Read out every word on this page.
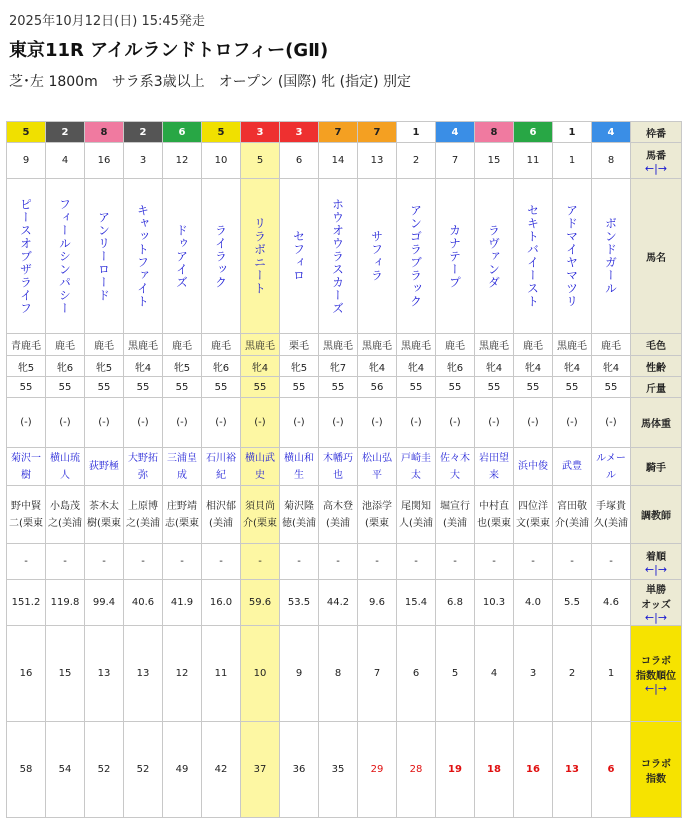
2025年10月12日(日) 15:45発走
東京11R アイルランドトロフィー(GⅡ)
芝･左 1800m　サラ系3歳以上　オープン (国際) 牝 (指定) 別定
5	2	8	2	6	5	3	3	7	7	1	4	8	6	1	4	枠番

9	4	16	3	12	10	5	6	14	13	2	7	15	11	1	8	馬番
←|→

ピースオブザライフ	フィールシンパシー	アンリーロード	キャットファイト	ドゥアイズ	ライラック	リラボニート	セフィロ	ホウオウラスカーズ	サフィラ	アンゴラブラック	カナテープ	ラヴァンダ	セキトバイースト	アドマイヤマツリ	ボンドガール	馬名

青鹿毛	鹿毛	鹿毛	黒鹿毛	鹿毛	鹿毛	黒鹿毛	栗毛	黒鹿毛	黒鹿毛	黒鹿毛	鹿毛	黒鹿毛	鹿毛	黒鹿毛	鹿毛	毛色

牝5	牝6	牝5	牝4	牝5	牝6	牝4	牝5	牝7	牝4	牝4	牝6	牝4	牝4	牝4	牝4	性齢

55	55	55	55	55	55	55	55	55	56	55	55	55	55	55	55	斤量

(-)	(-)	(-)	(-)	(-)	(-)	(-)	(-)	(-)	(-)	(-)	(-)	(-)	(-)	(-)	(-)	馬体重

菊沢一樹	横山琉人	荻野極	大野拓弥	三浦皇成	石川裕紀	横山武史	横山和生	木幡巧也	松山弘平	戸崎圭太	佐々木大	岩田望来	浜中俊	武豊	ルメール	騎手

野中賢二(栗東	小島茂之(美浦	茶木太樹(栗東	上原博之(美浦	庄野靖志(栗東	相沢郁(美浦	須貝尚介(栗東	菊沢隆徳(美浦	高木登(美浦	池添学(栗東	尾関知人(美浦	堀宣行(美浦	中村直也(栗東	四位洋文(栗東	宮田敬介(美浦	手塚貴久(美浦	調教師

-	-	-	-	-	-	-	-	-	-	-	-	-	-	-	-	着順
←|→

151.2	119.8	99.4	40.6	41.9	16.0	59.6	53.5	44.2	9.6	15.4	6.8	10.3	4.0	5.5	4.6	単勝
オッズ
←|→

16	15	13	13	12	11	10	9	8	7	6	5	4	3	2	1	コラボ
指数順位
←|→

58	54	52	52	49	42	37	36	35	29	28	19	18	16	13	6	コラボ
指数
